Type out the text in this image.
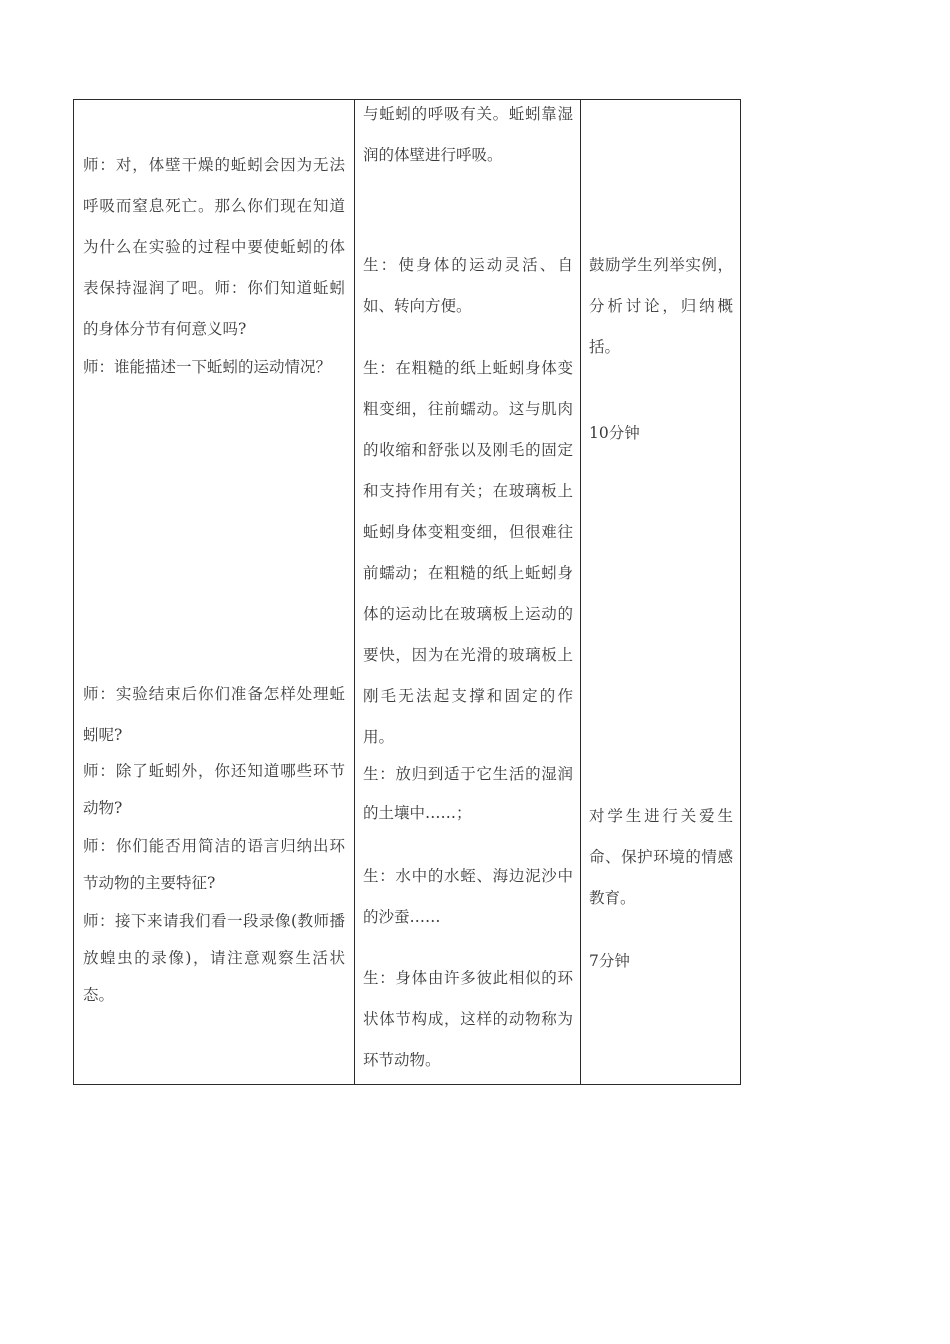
师：对，体壁干燥的蚯蚓会因为无法呼吸而窒息死亡。那么你们现在知道为什么在实验的过程中要使蚯蚓的体表保持湿润了吧。师：你们知道蚯蚓的身体分节有何意义吗?

师：谁能描述一下蚯蚓的运动情况？

师：实验结束后你们准备怎样处理蚯蚓呢?

师：除了蚯蚓外，你还知道哪些环节动物?

师：你们能否用简洁的语言归纳出环节动物的主要特征?

师：接下来请我们看一段录像(教师播放蝗虫的录像)，请注意观察生活状态。

与蚯蚓的呼吸有关。蚯蚓靠湿润的体壁进行呼吸。

生：使身体的运动灵活、自如、转向方便。

生：在粗糙的纸上蚯蚓身体变粗变细，往前蠕动。这与肌肉的收缩和舒张以及刚毛的固定和支持作用有关；在玻璃板上蚯蚓身体变粗变细，但很难往前蠕动；在粗糙的纸上蚯蚓身体的运动比在玻璃板上运动的要快，因为在光滑的玻璃板上刚毛无法起支撑和固定的作用。

生：放归到适于它生活的湿润的土壤中……；

生：水中的水蛭、海边泥沙中的沙蚕……

生：身体由许多彼此相似的环状体节构成，这样的动物称为环节动物。

鼓励学生列举实例，分析讨论，归纳概括。

10分钟

对学生进行关爱生命、保护环境的情感教育。

7分钟
